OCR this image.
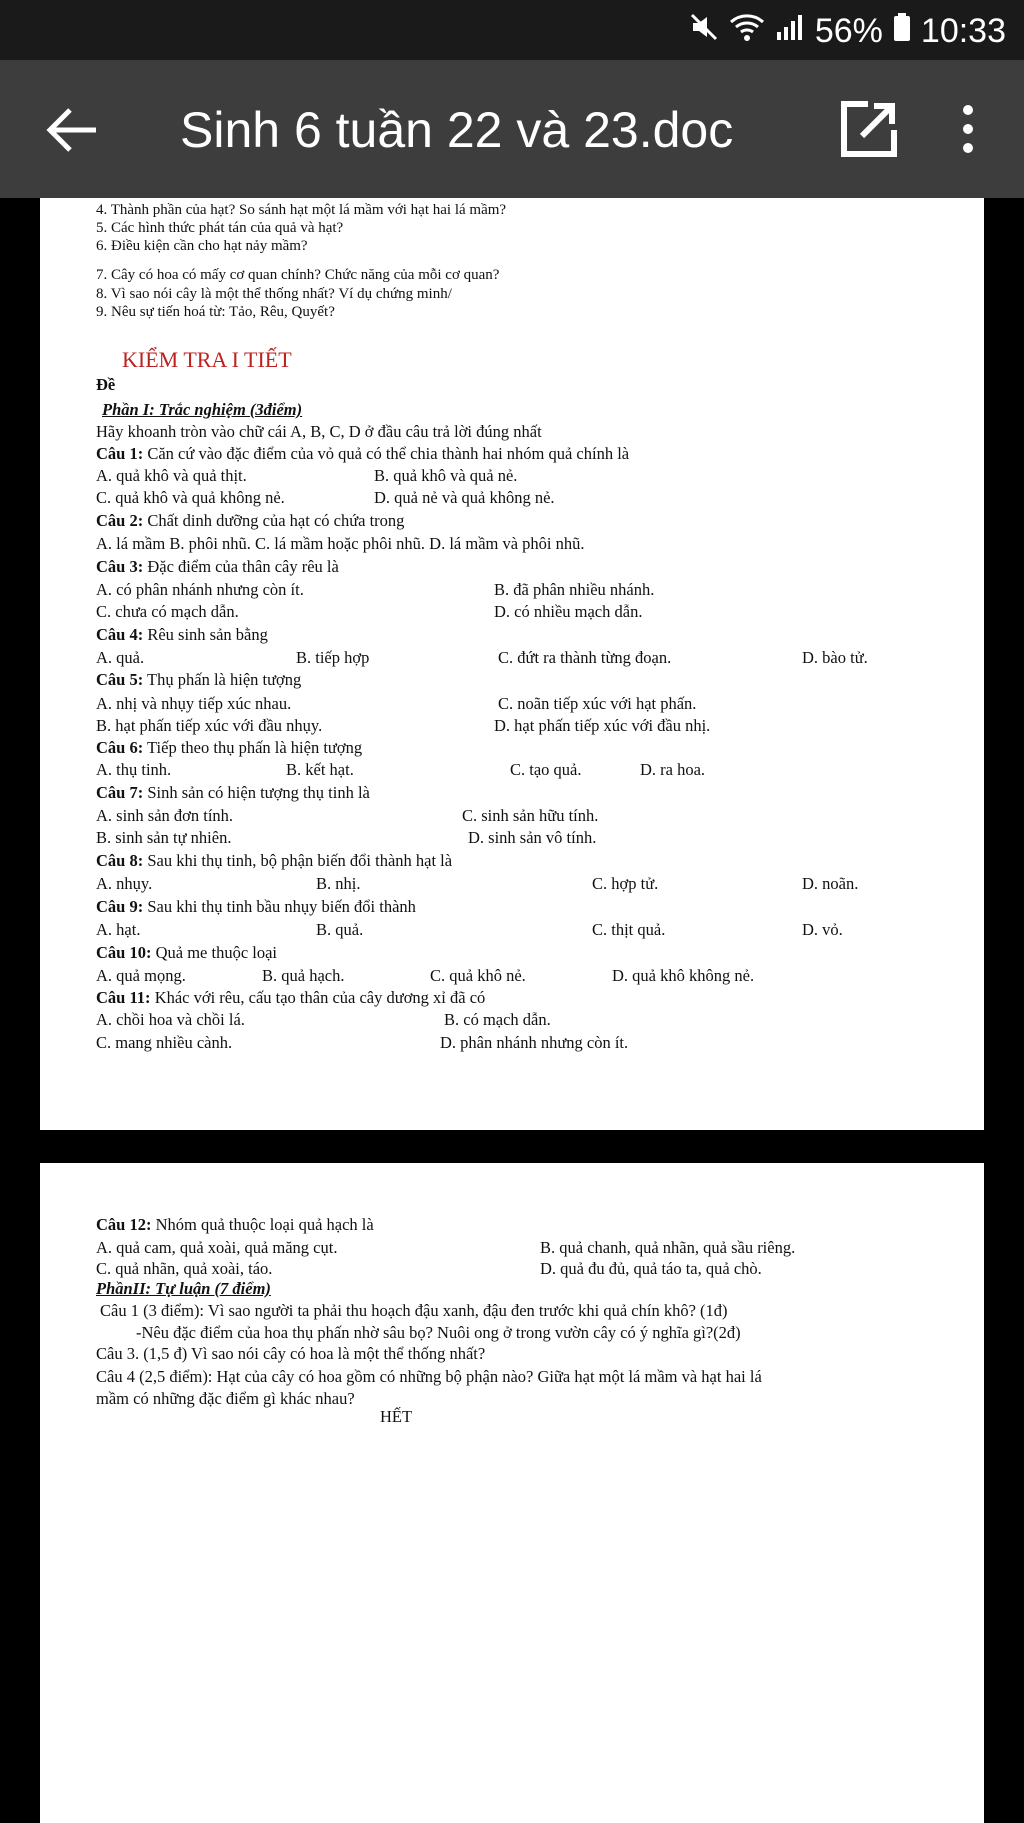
56% 10:33
Sinh 6 tuần 22 và 23.doc
4. Thành phần của hạt? So sánh hạt một lá mầm với hạt hai lá mầm?
5. Các hình thức phát tán của quả và hạt?
6. Điều kiện cần cho hạt nảy mầm?
7. Cây có hoa có mấy cơ quan chính? Chức năng của mỗi cơ quan?
8. Vì sao nói cây là một thể thống nhất? Ví dụ chứng minh/
9. Nêu sự tiến hoá từ: Tảo, Rêu, Quyết?
KIỂM TRA I TIẾT
Đề
Phần I: Trắc nghiệm (3điểm)
Hãy khoanh tròn vào chữ cái A, B, C, D ở đầu câu trả lời đúng nhất
Câu 1: Căn cứ vào đặc điểm của vỏ quả có thể chia thành hai nhóm quả chính là
A. quả khô và quả thịt.	B. quả khô và quả nẻ.
C. quả khô và quả không nẻ.	D. quả nẻ và quả không nẻ.
Câu 2: Chất dinh dưỡng của hạt có chứa trong
A. lá mầm B. phôi nhũ. C. lá mầm hoặc phôi nhũ. D. lá mầm và phôi nhũ.
Câu 3: Đặc điểm của thân cây rêu là
A. có phân nhánh nhưng còn ít.	B. đã phân nhiều nhánh.
C. chưa có mạch dẫn.	D. có nhiều mạch dẫn.
Câu 4: Rêu sinh sản bằng
A. quả.	B. tiếp hợp	C. đứt ra thành từng đoạn.	D. bào tử.
Câu 5: Thụ phấn là hiện tượng
A. nhị và nhụy tiếp xúc nhau.	C. noãn tiếp xúc với hạt phấn.
B. hạt phấn tiếp xúc với đầu nhụy.	D. hạt phấn tiếp xúc với đầu nhị.
Câu 6: Tiếp theo thụ phấn là hiện tượng
A. thụ tinh.	B. kết hạt.	C. tạo quả.	D. ra hoa.
Câu 7: Sinh sản có hiện tượng thụ tinh là
A. sinh sản đơn tính.	C. sinh sản hữu tính.
B. sinh sản tự nhiên.	D. sinh sản vô tính.
Câu 8: Sau khi thụ tinh, bộ phận biến đổi thành hạt là
A. nhụy.	B. nhị.	C. hợp tử.	D. noãn.
Câu 9: Sau khi thụ tinh bầu nhụy biến đổi thành
A. hạt.	B. quả.	C. thịt quả.	D. vỏ.
Câu 10: Quả me thuộc loại
A. quả mọng.	B. quả hạch.	C. quả khô nẻ.	D. quả khô không nẻ.
Câu 11: Khác với rêu, cấu tạo thân của cây dương xỉ đã có
A. chồi hoa và chồi lá.	B. có mạch dẫn.
C. mang nhiều cành.	D. phân nhánh nhưng còn ít.
Câu 12: Nhóm quả thuộc loại quả hạch là
A. quả cam, quả xoài, quả măng cụt.	B. quả chanh, quả nhãn, quả sầu riêng.
C. quả nhãn, quả xoài, táo.	D. quả đu đủ, quả táo ta, quả chò.
PhầnII: Tự luận (7 điểm)
Câu 1 (3 điểm): Vì sao người ta phải thu hoạch đậu xanh, đậu đen trước khi quả chín khô? (1đ)
-Nêu đặc điểm của hoa thụ phấn nhờ sâu bọ? Nuôi ong ở trong vườn cây có ý nghĩa gì?(2đ)
Câu 3. (1,5 đ) Vì sao nói cây có hoa là một thể thống nhất?
Câu 4 (2,5 điểm): Hạt của cây có hoa gồm có những bộ phận nào? Giữa hạt một lá mầm và hạt hai lá
mầm có những đặc điểm gì khác nhau?
HẾT
